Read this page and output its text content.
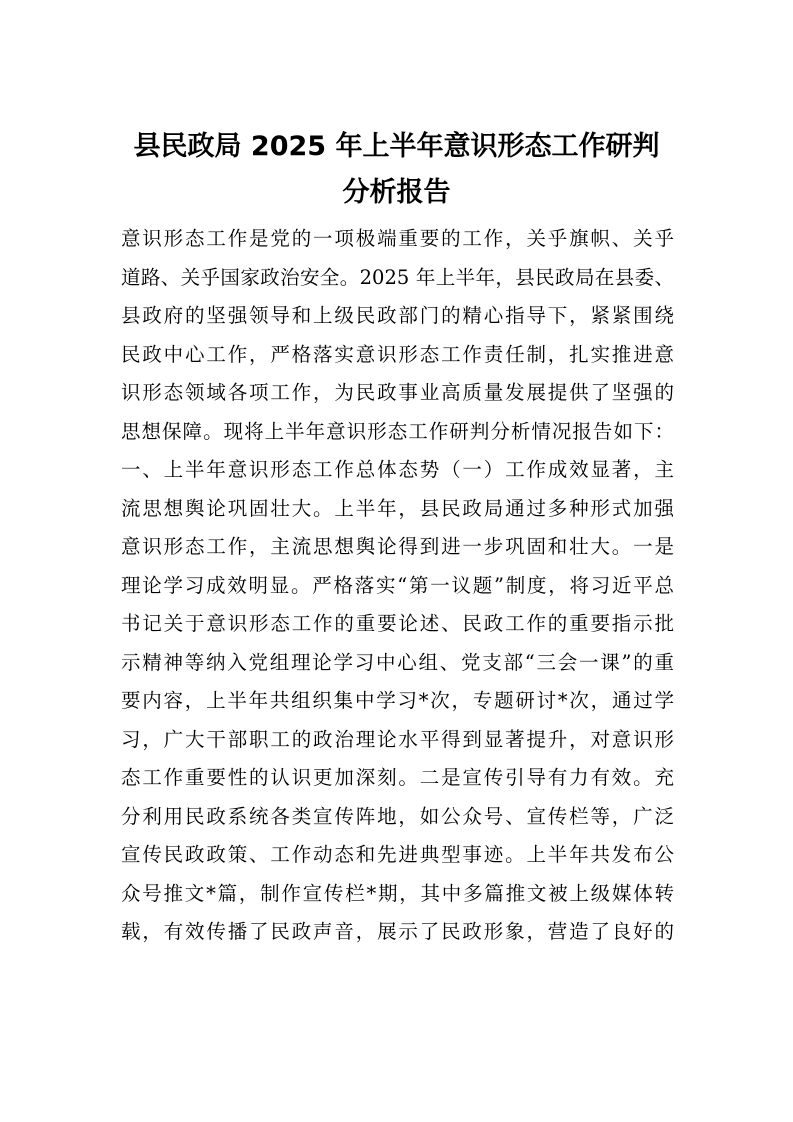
县民政局 2025 年上半年意识形态工作研判
分析报告
意识形态工作是党的一项极端重要的工作，关乎旗帜、关乎
道路、关乎国家政治安全。2025 年上半年，县民政局在县委、
县政府的坚强领导和上级民政部门的精心指导下，紧紧围绕
民政中心工作，严格落实意识形态工作责任制，扎实推进意
识形态领域各项工作，为民政事业高质量发展提供了坚强的
思想保障。现将上半年意识形态工作研判分析情况报告如下：
一、上半年意识形态工作总体态势（一）工作成效显著，主
流思想舆论巩固壮大。上半年，县民政局通过多种形式加强
意识形态工作，主流思想舆论得到进一步巩固和壮大。一是
理论学习成效明显。严格落实“第一议题”制度，将习近平总
书记关于意识形态工作的重要论述、民政工作的重要指示批
示精神等纳入党组理论学习中心组、党支部“三会一课”的重
要内容，上半年共组织集中学习*次，专题研讨*次，通过学
习，广大干部职工的政治理论水平得到显著提升，对意识形
态工作重要性的认识更加深刻。二是宣传引导有力有效。充
分利用民政系统各类宣传阵地，如公众号、宣传栏等，广泛
宣传民政政策、工作动态和先进典型事迹。上半年共发布公
众号推文*篇，制作宣传栏*期，其中多篇推文被上级媒体转
载，有效传播了民政声音，展示了民政形象，营造了良好的
